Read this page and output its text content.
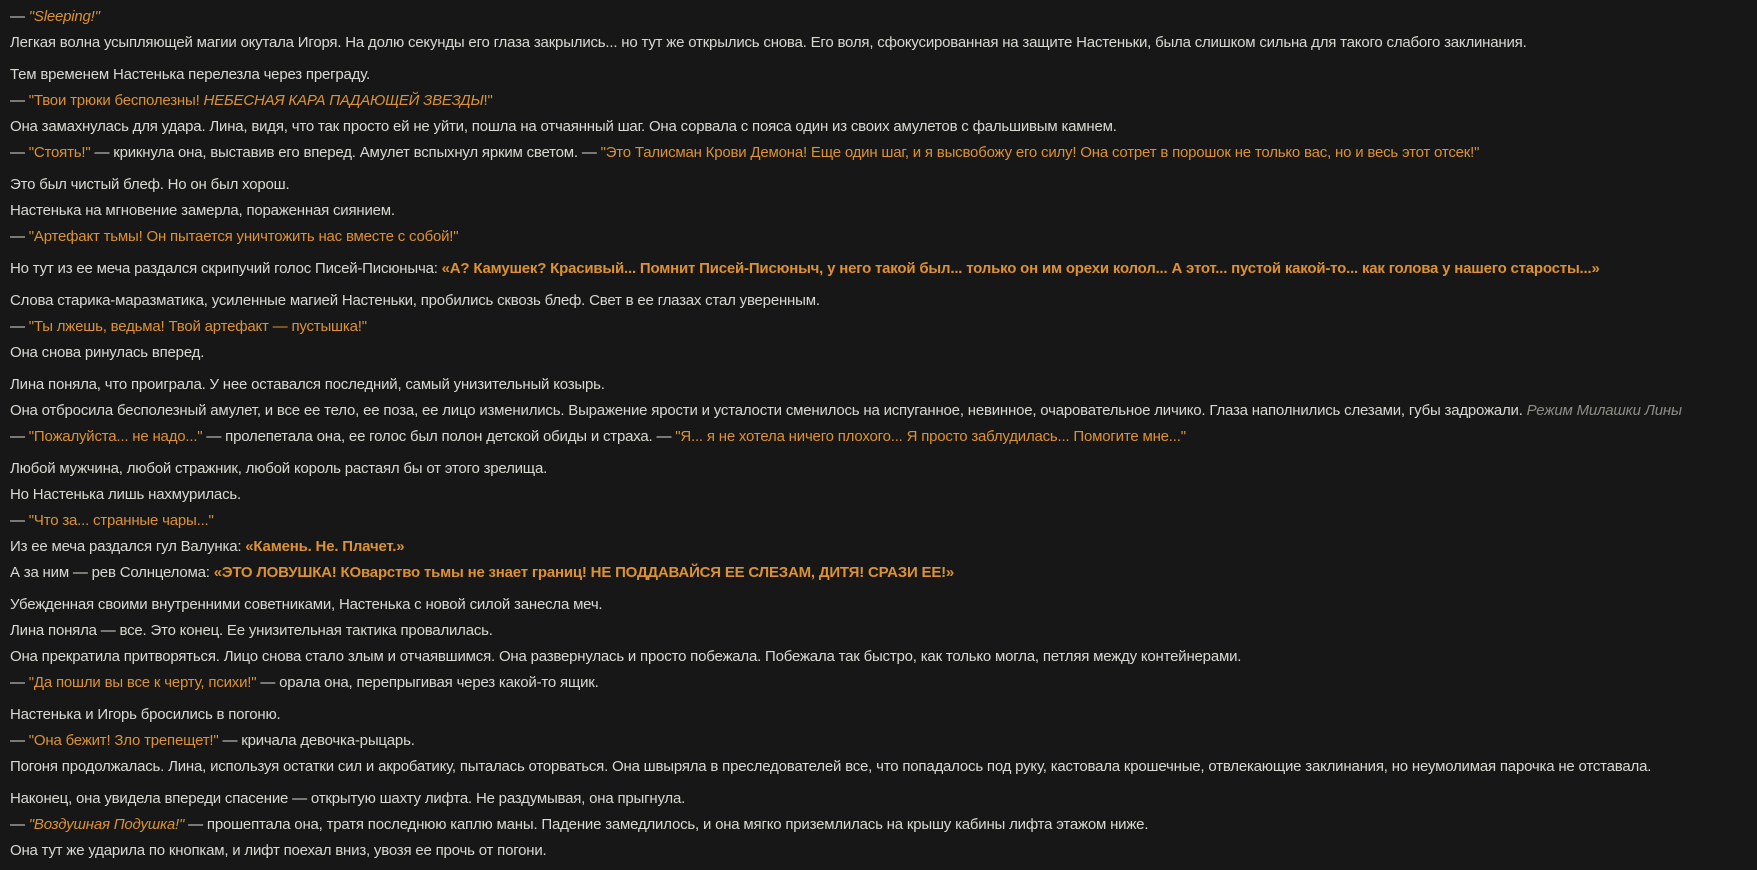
— "Sleeping!"
Легкая волна усыпляющей магии окутала Игоря. На долю секунды его глаза закрылись... но тут же открылись снова. Его воля, сфокусированная на защите Настеньки, была слишком сильна для такого слабого заклинания.
Тем временем Настенька перелезла через преграду.
— "Твои трюки бесполезны! НЕБЕСНАЯ КАРА ПАДАЮЩЕЙ ЗВЕЗДЫ!"
Она замахнулась для удара. Лина, видя, что так просто ей не уйти, пошла на отчаянный шаг. Она сорвала с пояса один из своих амулетов с фальшивым камнем.
— "Стоять!" — крикнула она, выставив его вперед. Амулет вспыхнул ярким светом. — "Это Талисман Крови Демона! Еще один шаг, и я высвобожу его силу! Она сотрет в порошок не только вас, но и весь этот отсек!"
Это был чистый блеф. Но он был хорош.
Настенька на мгновение замерла, пораженная сиянием.
— "Артефакт тьмы! Он пытается уничтожить нас вместе с собой!"
Но тут из ее меча раздался скрипучий голос Писей-Писюныча: «А? Камушек? Красивый... Помнит Писей-Писюныч, у него такой был... только он им орехи колол... А этот... пустой какой-то... как голова у нашего старосты...»
Слова старика-маразматика, усиленные магией Настеньки, пробились сквозь блеф. Свет в ее глазах стал уверенным.
— "Ты лжешь, ведьма! Твой артефакт — пустышка!"
Она снова ринулась вперед.
Лина поняла, что проиграла. У нее оставался последний, самый унизительный козырь.
Она отбросила бесполезный амулет, и все ее тело, ее поза, ее лицо изменились. Выражение ярости и усталости сменилось на испуганное, невинное, очаровательное личико. Глаза наполнились слезами, губы задрожали. Режим Милашки Лины
— "Пожалуйста... не надо..." — пролепетала она, ее голос был полон детской обиды и страха. — "Я... я не хотела ничего плохого... Я просто заблудилась... Помогите мне..."
Любой мужчина, любой стражник, любой король растаял бы от этого зрелища.
Но Настенька лишь нахмурилась.
— "Что за... странные чары..."
Из ее меча раздался гул Валунка: «Камень. Не. Плачет.»
А за ним — рев Солнцелома: «ЭТО ЛОВУШКА! КОварство тьмы не знает границ! НЕ ПОДДАВАЙСЯ ЕЕ СЛЕЗАМ, ДИТЯ! СРАЗИ ЕЕ!»
Убежденная своими внутренними советниками, Настенька с новой силой занесла меч.
Лина поняла — все. Это конец. Ее унизительная тактика провалилась.
Она прекратила притворяться. Лицо снова стало злым и отчаявшимся. Она развернулась и просто побежала. Побежала так быстро, как только могла, петляя между контейнерами.
— "Да пошли вы все к черту, психи!" — орала она, перепрыгивая через какой-то ящик.
Настенька и Игорь бросились в погоню.
— "Она бежит! Зло трепещет!" — кричала девочка-рыцарь.
Погоня продолжалась. Лина, используя остатки сил и акробатику, пыталась оторваться. Она швыряла в преследователей все, что попадалось под руку, кастовала крошечные, отвлекающие заклинания, но неумолимая парочка не отставала.
Наконец, она увидела впереди спасение — открытую шахту лифта. Не раздумывая, она прыгнула.
— "Воздушная Подушка!" — прошептала она, тратя последнюю каплю маны. Падение замедлилось, и она мягко приземлилась на крышу кабины лифта этажом ниже.
Она тут же ударила по кнопкам, и лифт поехал вниз, увозя ее прочь от погони.
